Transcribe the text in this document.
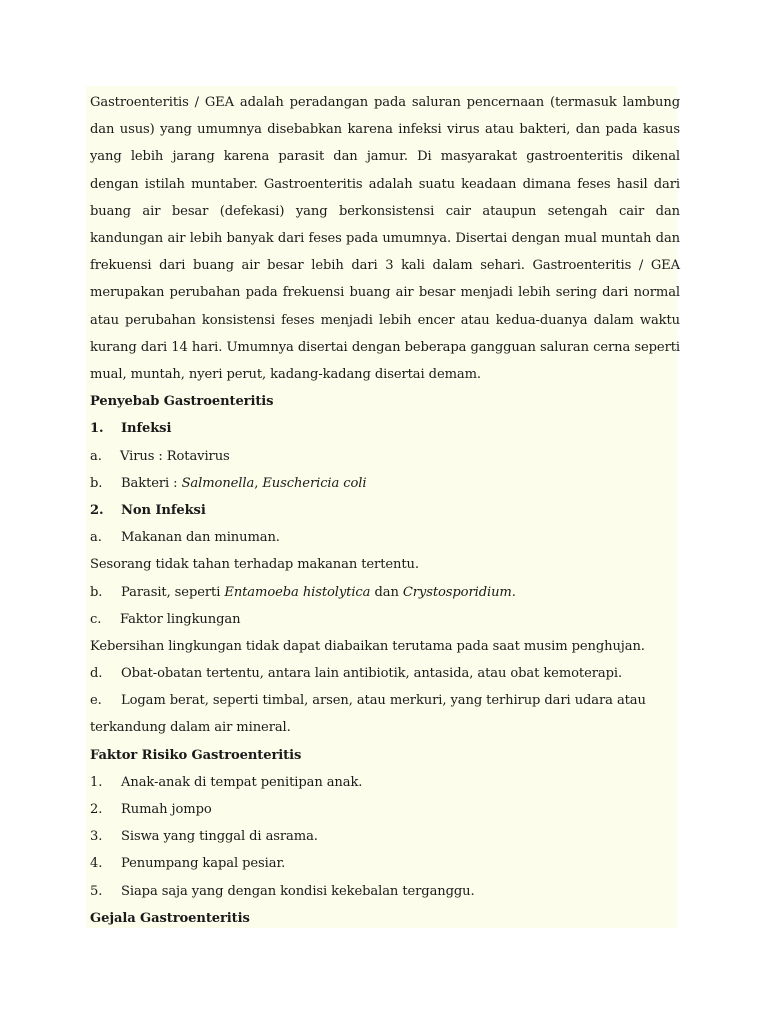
Gastroenteritis / GEA adalah peradangan pada saluran pencernaan (termasuk lambung dan usus) yang umumnya disebabkan karena infeksi virus atau bakteri, dan pada kasus yang lebih jarang karena parasit dan jamur. Di masyarakat gastroenteritis dikenal dengan istilah muntaber. Gastroenteritis adalah suatu keadaan dimana feses hasil dari buang air besar (defekasi) yang berkonsistensi cair ataupun setengah cair dan kandungan air lebih banyak dari feses pada umumnya. Disertai dengan mual muntah dan frekuensi dari buang air besar lebih dari 3 kali dalam sehari. Gastroenteritis / GEA merupakan perubahan pada frekuensi buang air besar menjadi lebih sering dari normal atau perubahan konsistensi feses menjadi lebih encer atau kedua-duanya dalam waktu kurang dari 14 hari. Umumnya disertai dengan beberapa gangguan saluran cerna seperti mual, muntah, nyeri perut, kadang-kadang disertai demam.

Penyebab Gastroenteritis
1. Infeksi
a. Virus : Rotavirus
b. Bakteri : Salmonella, Euschericia coli
2. Non Infeksi
a. Makanan dan minuman.
Sesorang tidak tahan terhadap makanan tertentu.
b. Parasit, seperti Entamoeba histolytica dan Crystosporidium.
c. Faktor lingkungan
Kebersihan lingkungan tidak dapat diabaikan terutama pada saat musim penghujan.
d. Obat-obatan tertentu, antara lain antibiotik, antasida, atau obat kemoterapi.
e. Logam berat, seperti timbal, arsen, atau merkuri, yang terhirup dari udara atau
terkandung dalam air mineral.
Faktor Risiko Gastroenteritis
1. Anak-anak di tempat penitipan anak.
2. Rumah jompo
3. Siswa yang tinggal di asrama.
4. Penumpang kapal pesiar.
5. Siapa saja yang dengan kondisi kekebalan terganggu.
Gejala Gastroenteritis
